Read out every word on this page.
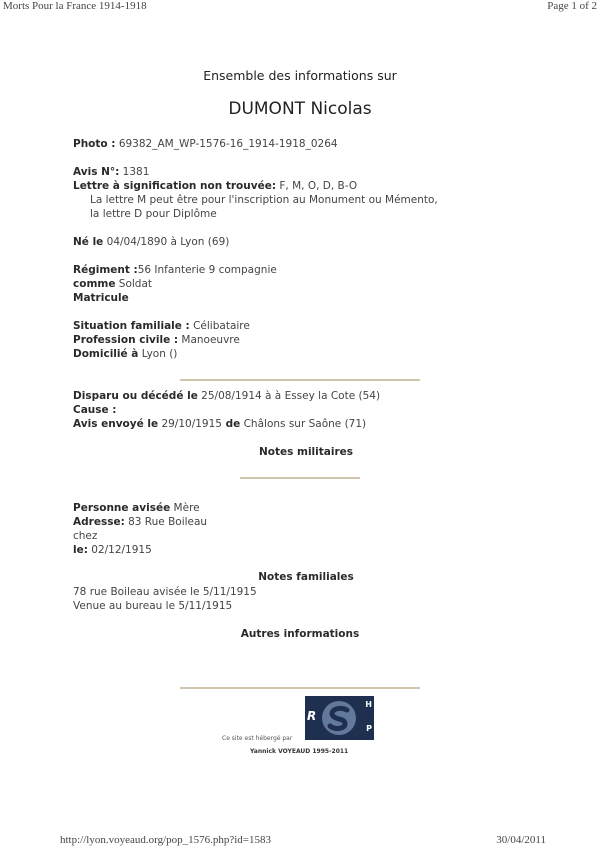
Morts Pour la France 1914-1918	Page 1 of 2
Ensemble des informations sur
DUMONT Nicolas
Photo : 69382_AM_WP-1576-16_1914-1918_0264
Avis N°: 1381
Lettre à signification non trouvée: F, M, O, D, B-O
La lettre M peut être pour l'inscription au Monument ou Mémento,
la lettre D pour Diplôme
Né le 04/04/1890 à Lyon (69)
Régiment :56 Infanterie 9 compagnie
comme Soldat
Matricule
Situation familiale : Célibataire
Profession civile : Manoeuvre
Domicilié à Lyon ()
Disparu ou décédé le 25/08/1914 à à Essey la Cote (54)
Cause :
Avis envoyé le 29/10/1915 de Châlons sur Saône (71)
Notes militaires
Personne avisée Mère
Adresse: 83 Rue Boileau
chez
le: 02/12/1915
Notes familiales
78 rue Boileau avisée le 5/11/1915
Venue au bureau le 5/11/1915
Autres informations
Ce site est hébergé par
R
H
P
Yannick VOYEAUD 1995-2011
http://lyon.voyeaud.org/pop_1576.php?id=1583	30/04/2011
